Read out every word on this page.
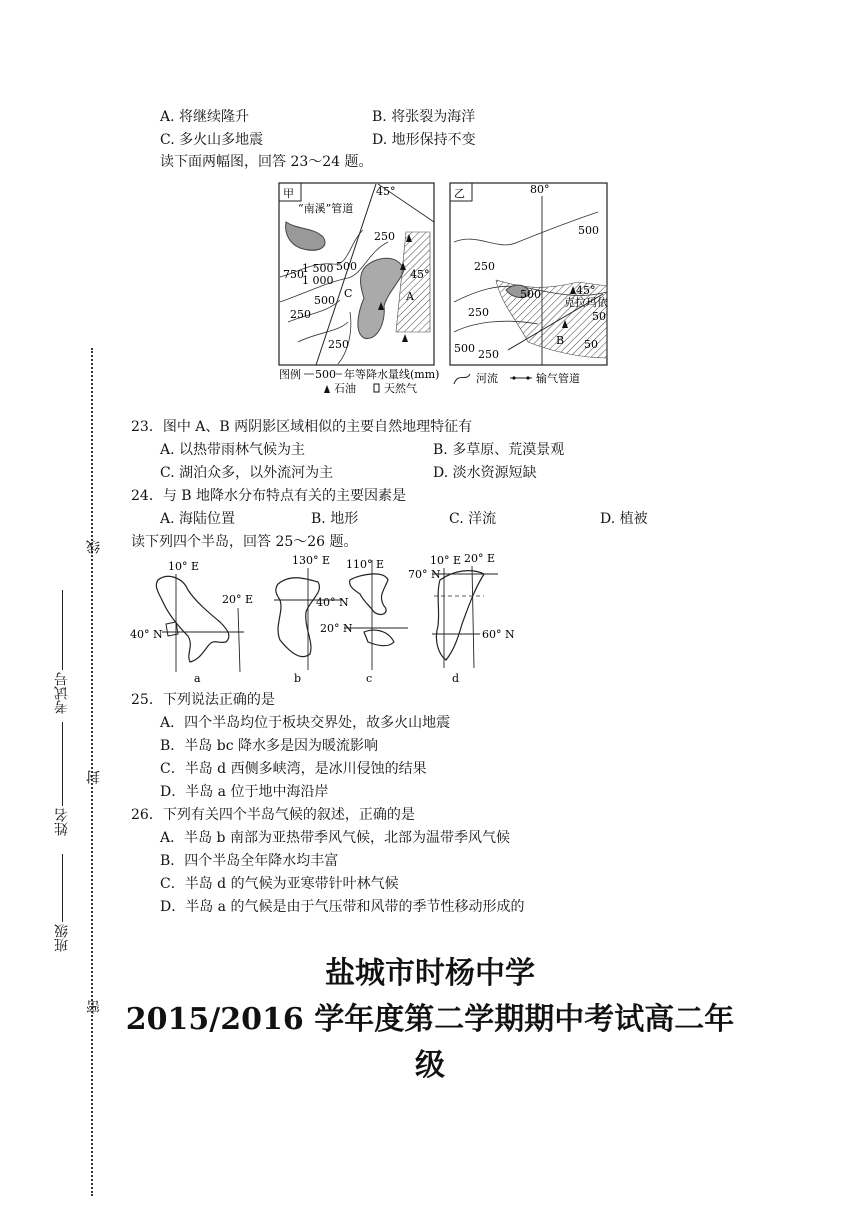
A. 将继续隆升	B. 将张裂为海洋
C. 多火山多地震	D. 地形保持不变
读下面两幅图，回答 23～24 题。
甲
“南溪”管道
45°
250
500
750
1 500
1 000
500
250
250
C	A
45°
乙	80°
500
250
500
250
500 250
50
50
45°
克拉玛依
B
图例 500 年等降水量线(mm)
石油	天然气
河流	输气管道
23．图中 A、B 两阴影区域相似的主要自然地理特征有
A. 以热带雨林气候为主	B. 多草原、荒漠景观
C. 湖泊众多，以外流河为主	D. 淡水资源短缺
24．与 B 地降水分布特点有关的主要因素是
A. 海陆位置	B. 地形	C. 洋流	D. 植被
读下列四个半岛，回答 25～26 题。
10° E
20° E
40° N
a
130° E
40° N
b
110° E
20° N
c
10° E 20° E
70° N
60° N
d
25．下列说法正确的是
A．四个半岛均位于板块交界处，故多火山地震
B．半岛 bc 降水多是因为暖流影响
C．半岛 d 西侧多峡湾，是冰川侵蚀的结果
D．半岛 a 位于地中海沿岸
26．下列有关四个半岛气候的叙述，正确的是
A．半岛 b 南部为亚热带季风气候，北部为温带季风气候
B．四个半岛全年降水均丰富
C．半岛 d 的气候为亚寒带针叶林气候
D．半岛 a 的气候是由于气压带和风带的季节性移动形成的
线
封
密
考试号
姓名
班级
盐城市时杨中学
2015/2016 学年度第二学期期中考试高二年
级
